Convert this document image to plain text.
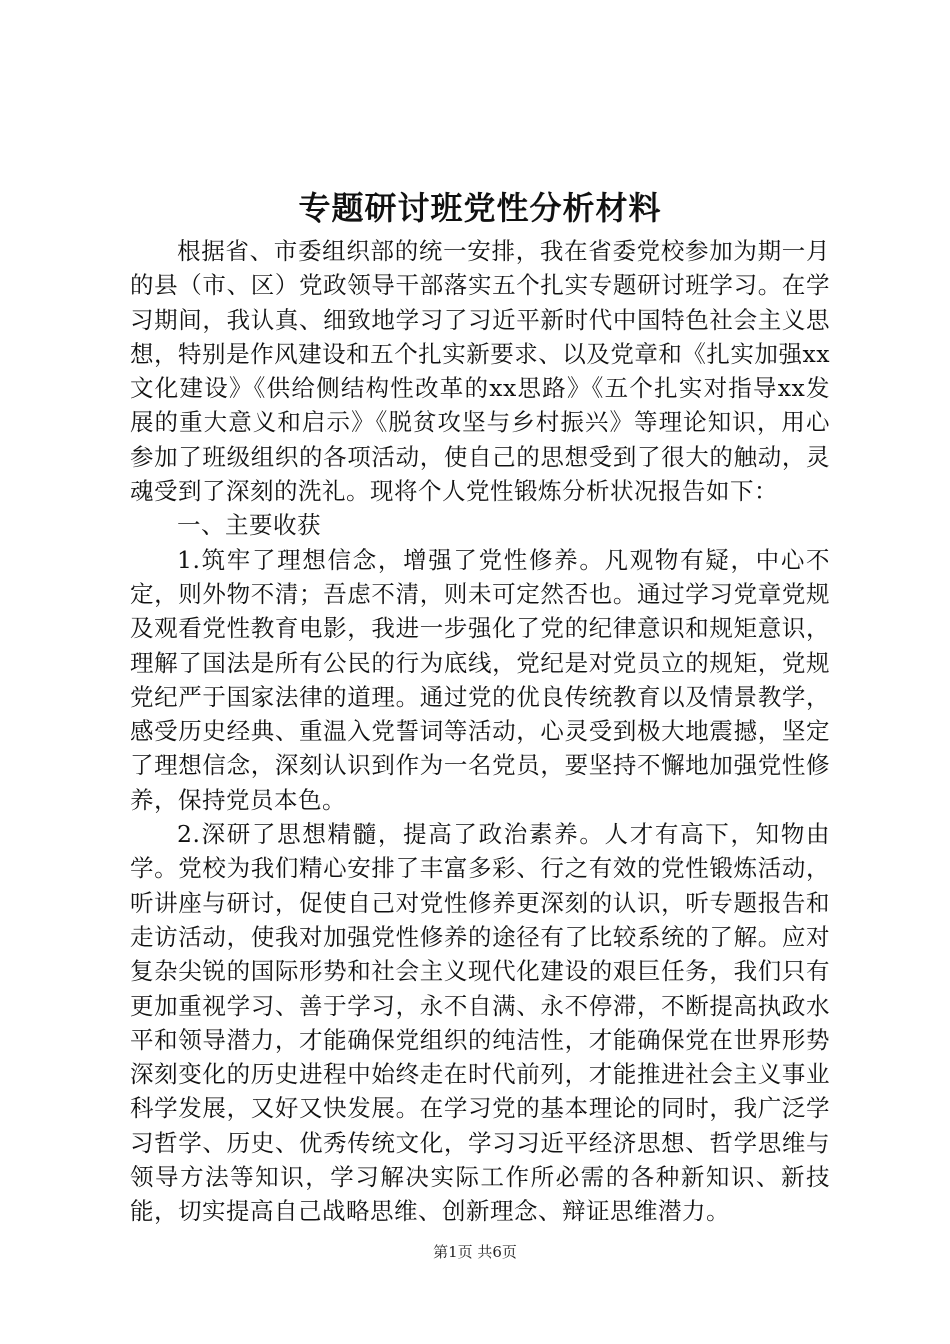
专题研讨班党性分析材料

根据省、市委组织部的统一安排，我在省委党校参加为期一月的县（市、区）党政领导干部落实五个扎实专题研讨班学习。在学习期间，我认真、细致地学习了习近平新时代中国特色社会主义思想，特别是作风建设和五个扎实新要求、以及党章和《扎实加强xx文化建设》《供给侧结构性改革的xx思路》《五个扎实对指导xx发展的重大意义和启示》《脱贫攻坚与乡村振兴》等理论知识，用心参加了班级组织的各项活动，使自己的思想受到了很大的触动，灵魂受到了深刻的洗礼。现将个人党性锻炼分析状况报告如下：

一、主要收获

1.筑牢了理想信念，增强了党性修养。凡观物有疑，中心不定，则外物不清；吾虑不清，则未可定然否也。通过学习党章党规及观看党性教育电影，我进一步强化了党的纪律意识和规矩意识，理解了国法是所有公民的行为底线，党纪是对党员立的规矩，党规党纪严于国家法律的道理。通过党的优良传统教育以及情景教学，感受历史经典、重温入党誓词等活动，心灵受到极大地震撼，坚定了理想信念，深刻认识到作为一名党员，要坚持不懈地加强党性修养，保持党员本色。

2.深研了思想精髓，提高了政治素养。人才有高下，知物由学。党校为我们精心安排了丰富多彩、行之有效的党性锻炼活动，听讲座与研讨，促使自己对党性修养更深刻的认识，听专题报告和走访活动，使我对加强党性修养的途径有了比较系统的了解。应对复杂尖锐的国际形势和社会主义现代化建设的艰巨任务，我们只有更加重视学习、善于学习，永不自满、永不停滞，不断提高执政水平和领导潜力，才能确保党组织的纯洁性，才能确保党在世界形势深刻变化的历史进程中始终走在时代前列，才能推进社会主义事业科学发展，又好又快发展。在学习党的基本理论的同时，我广泛学习哲学、历史、优秀传统文化，学习习近平经济思想、哲学思维与领导方法等知识，学习解决实际工作所必需的各种新知识、新技能，切实提高自己战略思维、创新理念、辩证思维潜力。

第1页 共6页
